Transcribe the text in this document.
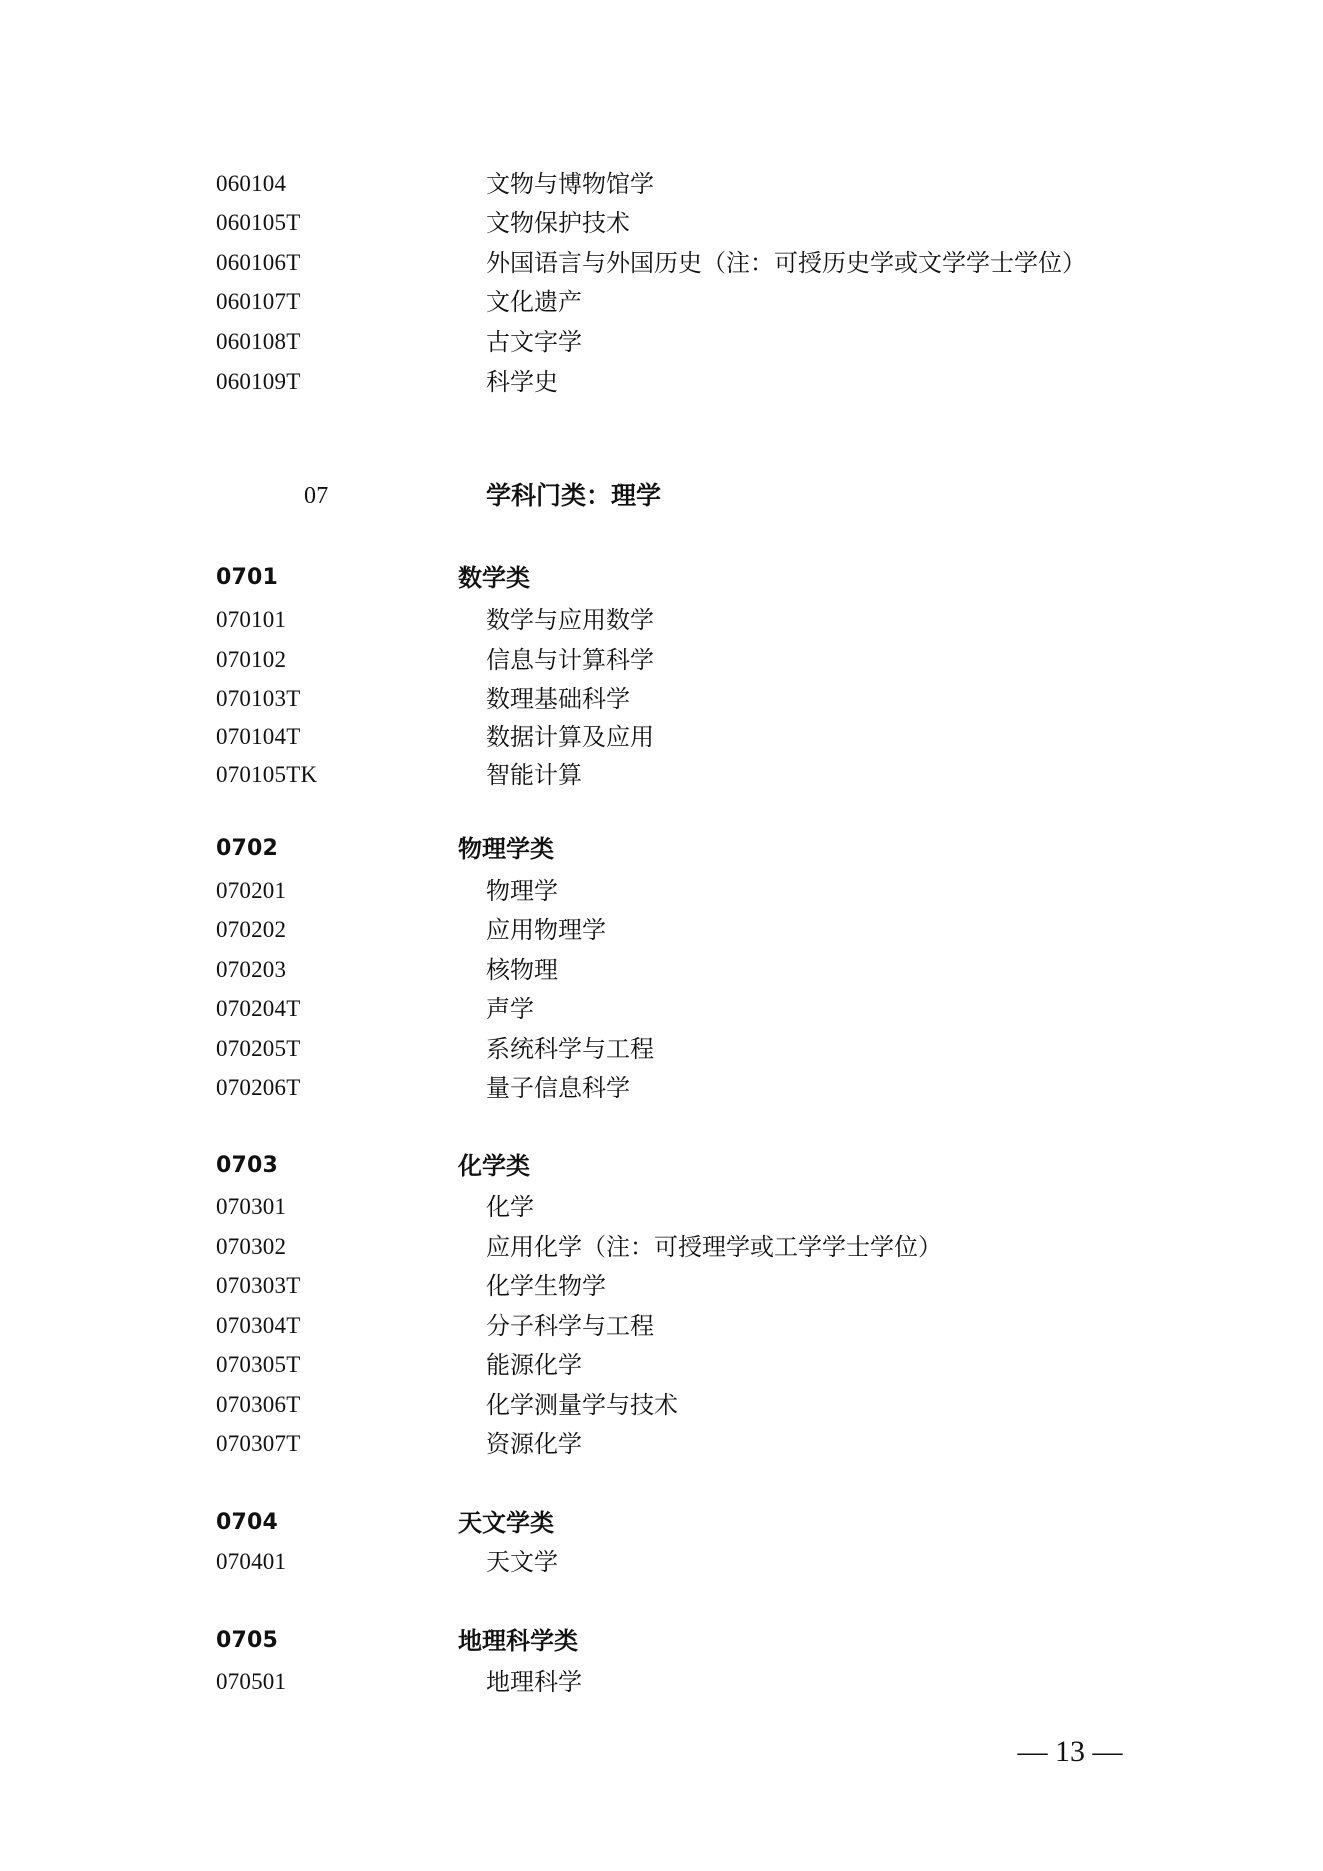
060104	文物与博物馆学
060105T	文物保护技术
060106T	外国语言与外国历史（注：可授历史学或文学学士学位）
060107T	文化遗产
060108T	古文字学
060109T	科学史
07	学科门类：理学
0701	数学类
070101	数学与应用数学
070102	信息与计算科学
070103T	数理基础科学
070104T	数据计算及应用
070105TK	智能计算
0702	物理学类
070201	物理学
070202	应用物理学
070203	核物理
070204T	声学
070205T	系统科学与工程
070206T	量子信息科学
0703	化学类
070301	化学
070302	应用化学（注：可授理学或工学学士学位）
070303T	化学生物学
070304T	分子科学与工程
070305T	能源化学
070306T	化学测量学与技术
070307T	资源化学
0704	天文学类
070401	天文学
0705	地理科学类
070501	地理科学
— 13 —
